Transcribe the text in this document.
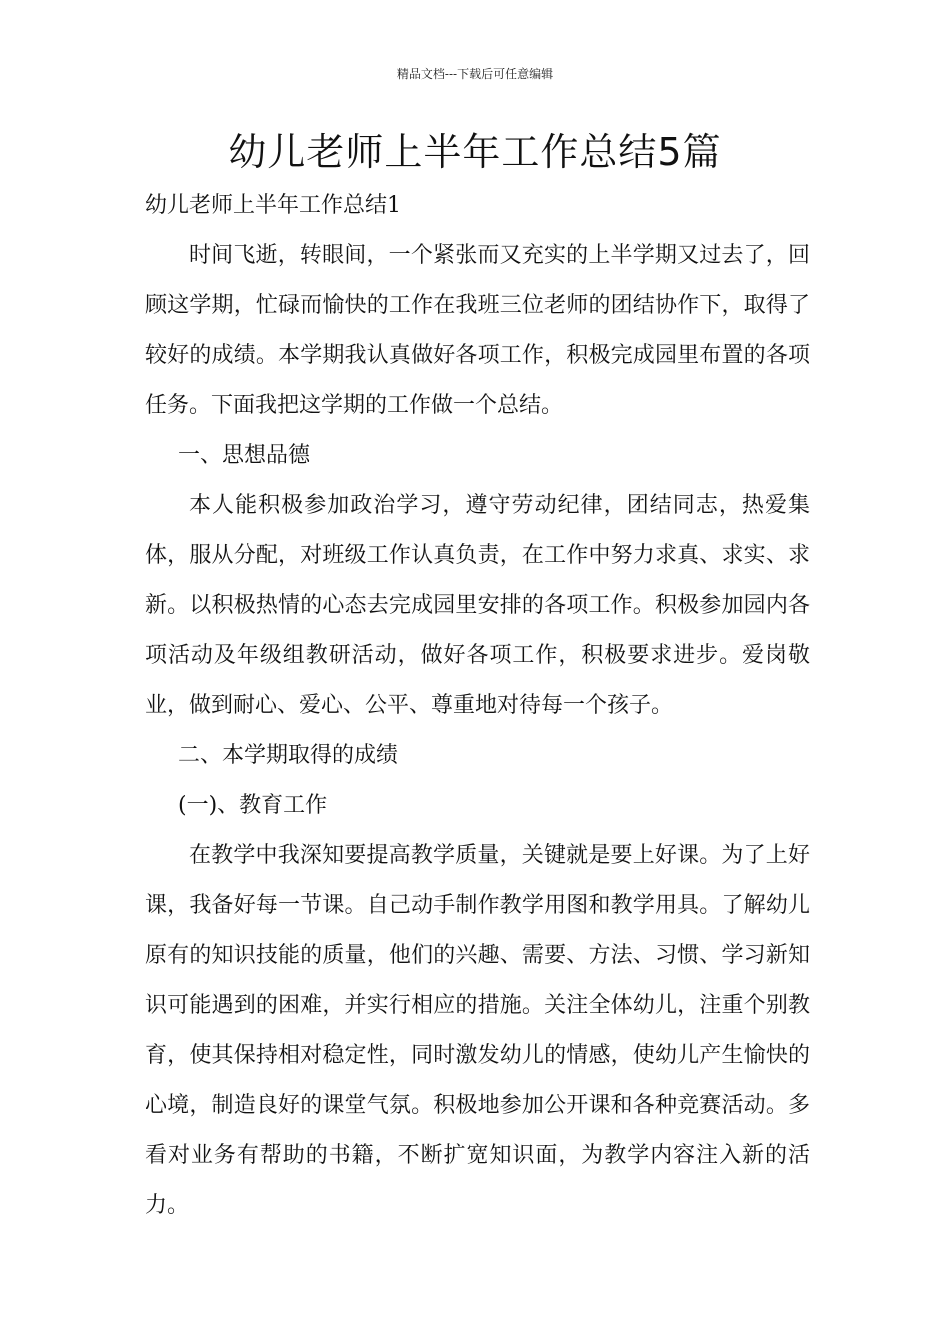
精品文档---下载后可任意编辑
幼儿老师上半年工作总结5篇

幼儿老师上半年工作总结1

时间飞逝，转眼间，一个紧张而又充实的上半学期又过去了，回顾这学期，忙碌而愉快的工作在我班三位老师的团结协作下，取得了较好的成绩。本学期我认真做好各项工作，积极完成园里布置的各项任务。下面我把这学期的工作做一个总结。

一、思想品德

本人能积极参加政治学习，遵守劳动纪律，团结同志，热爱集体，服从分配，对班级工作认真负责，在工作中努力求真、求实、求新。以积极热情的心态去完成园里安排的各项工作。积极参加园内各项活动及年级组教研活动，做好各项工作，积极要求进步。爱岗敬业，做到耐心、爱心、公平、尊重地对待每一个孩子。

二、本学期取得的成绩

(一)、教育工作

在教学中我深知要提高教学质量，关键就是要上好课。为了上好课，我备好每一节课。自己动手制作教学用图和教学用具。了解幼儿原有的知识技能的质量，他们的兴趣、需要、方法、习惯、学习新知识可能遇到的困难，并实行相应的措施。关注全体幼儿，注重个别教育，使其保持相对稳定性，同时激发幼儿的情感，使幼儿产生愉快的心境，制造良好的课堂气氛。积极地参加公开课和各种竞赛活动。多看对业务有帮助的书籍，不断扩宽知识面，为教学内容注入新的活力。
